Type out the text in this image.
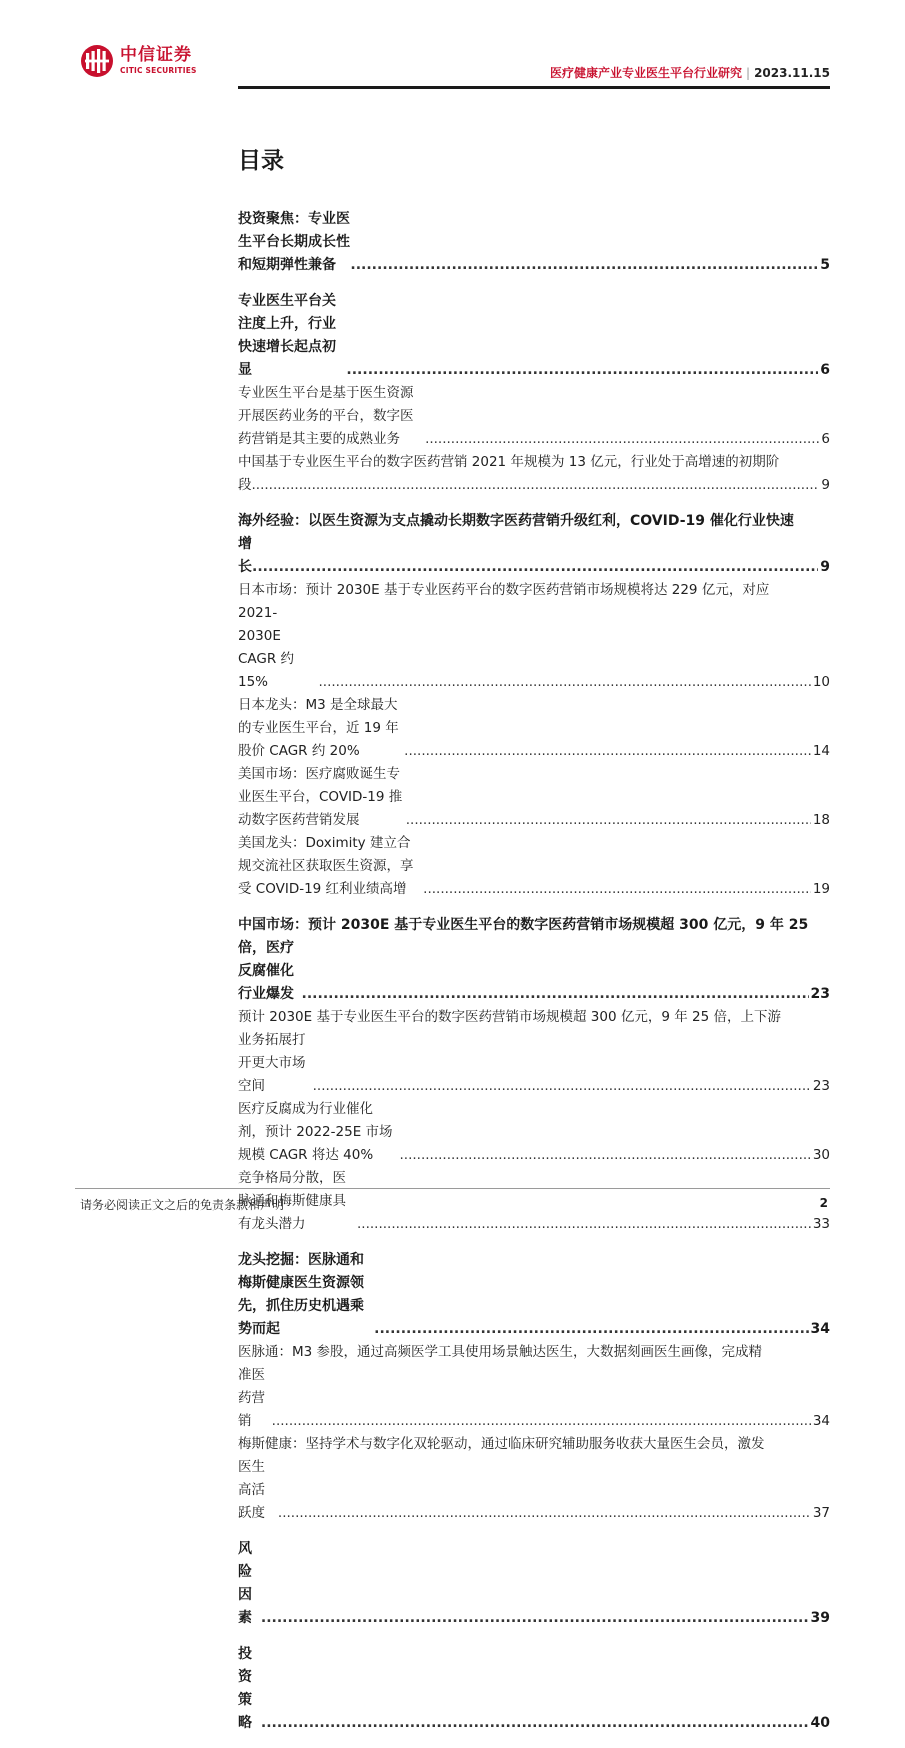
中信证券
CITIC SECURITIES	医疗健康产业专业医生平台行业研究 | 2023.11.15
目录
投资聚焦：专业医生平台长期成长性和短期弹性兼备 .....	5
专业医生平台关注度上升，行业快速增长起点初显 .....	6
专业医生平台是基于医生资源开展医药业务的平台，数字医药营销是其主要的成熟业务 .....	6
中国基于专业医生平台的数字医药营销 2021 年规模为 13 亿元，行业处于高增速的初期阶
段 .....	9
海外经验：以医生资源为支点撬动长期数字医药营销升级红利，COVID-19 催化行业快速
增长 .....	9
日本市场：预计 2030E 基于专业医药平台的数字医药营销市场规模将达 229 亿元，对应
2021-2030E CAGR 约 15% .....	10
日本龙头：M3 是全球最大的专业医生平台，近 19 年股价 CAGR 约 20% .....	14
美国市场：医疗腐败诞生专业医生平台，COVID-19 推动数字医药营销发展 .....	18
美国龙头：Doximity 建立合规交流社区获取医生资源，享受 COVID-19 红利业绩高增 .....	19
中国市场：预计 2030E 基于专业医生平台的数字医药营销市场规模超 300 亿元，9 年 25
倍，医疗反腐催化行业爆发 .....	23
预计 2030E 基于专业医生平台的数字医药营销市场规模超 300 亿元，9 年 25 倍，上下游
业务拓展打开更大市场空间 .....	23
医疗反腐成为行业催化剂，预计 2022-25E 市场规模 CAGR 将达 40% .....	30
竞争格局分散，医脉通和梅斯健康具有龙头潜力 .....	33
龙头挖掘：医脉通和梅斯健康医生资源领先，抓住历史机遇乘势而起 .....	34
医脉通：M3 参股，通过高频医学工具使用场景触达医生，大数据刻画医生画像，完成精
准医药营销 .....	34
梅斯健康：坚持学术与数字化双轮驱动，通过临床研究辅助服务收获大量医生会员，激发
医生高活跃度 .....	37
风险因素 .....	39
投资策略 .....	40
请务必阅读正文之后的免责条款和声明	2
